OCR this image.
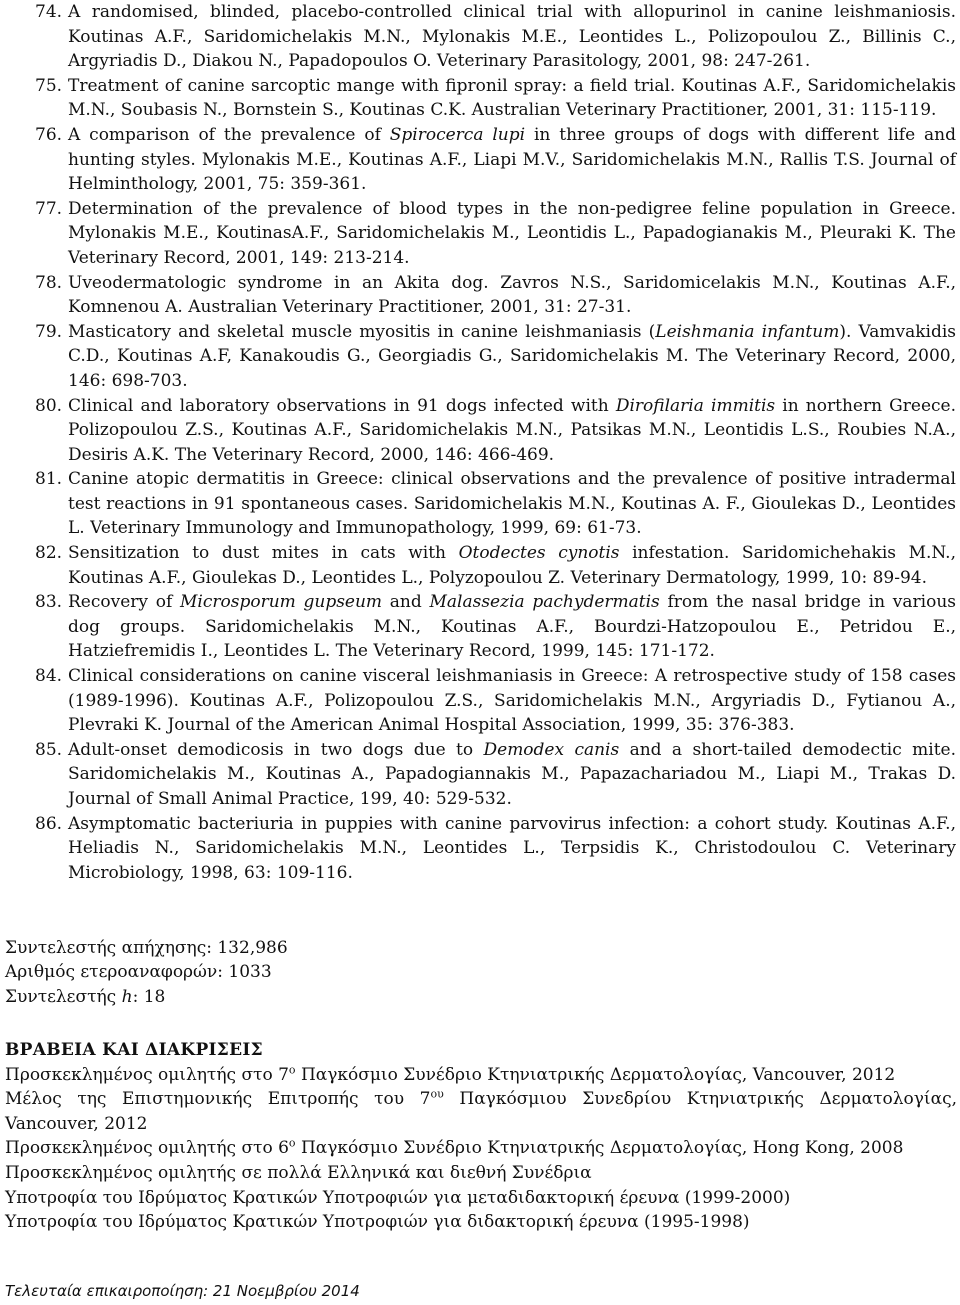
74. A randomised, blinded, placebo-controlled clinical trial with allopurinol in canine leishmaniosis. Koutinas A.F., Saridomichelakis M.N., Mylonakis M.E., Leontides L., Polizopoulou Z., Billinis C., Argyriadis D., Diakou N., Papadopoulos O. Veterinary Parasitology, 2001, 98: 247-261.
75. Treatment of canine sarcoptic mange with fipronil spray: a field trial. Koutinas A.F., Saridomichelakis M.N., Soubasis N., Bornstein S., Koutinas C.K. Australian Veterinary Practitioner, 2001, 31: 115-119.
76. A comparison of the prevalence of Spirocerca lupi in three groups of dogs with different life and hunting styles. Mylonakis M.E., Koutinas A.F., Liapi M.V., Saridomichelakis M.N., Rallis T.S. Journal of Helminthology, 2001, 75: 359-361.
77. Determination of the prevalence of blood types in the non-pedigree feline population in Greece. Mylonakis M.E., KoutinasA.F., Saridomichelakis M., Leontidis L., Papadogianakis M., Pleuraki K. The Veterinary Record, 2001, 149: 213-214.
78. Uveodermatologic syndrome in an Akita dog. Zavros N.S., Saridomicelakis M.N., Koutinas A.F., Komnenou A. Australian Veterinary Practitioner, 2001, 31: 27-31.
79. Masticatory and skeletal muscle myositis in canine leishmaniasis (Leishmania infantum). Vamvakidis C.D., Koutinas A.F, Kanakoudis G., Georgiadis G., Saridomichelakis M. The Veterinary Record, 2000, 146: 698-703.
80. Clinical and laboratory observations in 91 dogs infected with Dirofilaria immitis in northern Greece. Polizopoulou Z.S., Koutinas A.F., Saridomichelakis M.N., Patsikas M.N., Leontidis L.S., Roubies N.A., Desiris A.K. The Veterinary Record, 2000, 146: 466-469.
81. Canine atopic dermatitis in Greece: clinical observations and the prevalence of positive intradermal test reactions in 91 spontaneous cases. Saridomichelakis M.N., Koutinas A. F., Gioulekas D., Leontides L. Veterinary Immunology and Immunopathology, 1999, 69: 61-73.
82. Sensitization to dust mites in cats with Otodectes cynotis infestation. Saridomichehakis M.N., Koutinas A.F., Gioulekas D., Leontides L., Polyzopoulou Z. Veterinary Dermatology, 1999, 10: 89-94.
83. Recovery of Microsporum gupseum and Malassezia pachydermatis from the nasal bridge in various dog groups. Saridomichelakis M.N., Koutinas A.F., Bourdzi-Hatzopoulou E., Petridou E., Hatziefremidis I., Leontides L. The Veterinary Record, 1999, 145: 171-172.
84. Clinical considerations on canine visceral leishmaniasis in Greece: A retrospective study of 158 cases (1989-1996). Koutinas A.F., Polizopoulou Z.S., Saridomichelakis M.N., Argyriadis D., Fytianou A., Plevraki K. Journal of the American Animal Hospital Association, 1999, 35: 376-383.
85. Adult-onset demodicosis in two dogs due to Demodex canis and a short-tailed demodectic mite. Saridomichelakis M., Koutinas A., Papadogiannakis M., Papazachariadou M., Liapi M., Trakas D. Journal of Small Animal Practice, 199, 40: 529-532.
86. Asymptomatic bacteriuria in puppies with canine parvovirus infection: a cohort study. Koutinas A.F., Heliadis N., Saridomichelakis M.N., Leontides L., Terpsidis K., Christodoulou C. Veterinary Microbiology, 1998, 63: 109-116.
Συντελεστής απήχησης: 132,986
Αριθμός ετεροαναφορών: 1033
Συντελεστής h: 18
ΒΡΑΒΕΙΑ ΚΑΙ ΔΙΑΚΡΙΣΕΙΣ
Προσκεκλημένος ομιλητής στο $7^o$ Παγκόσμιο Συνέδριο Κτηνιατρικής Δερματολογίας, Vancouver, 2012
Μέλος της Επιστημονικής Επιτροπής του $7^{o\upsilon}$ Παγκόσμιου Συνεδρίου Κτηνιατρικής Δερματολογίας, Vancouver, 2012
Προσκεκλημένος ομιλητής στο $6^o$ Παγκόσμιο Συνέδριο Κτηνιατρικής Δερματολογίας, Hong Kong, 2008
Προσκεκλημένος ομιλητής σε πολλά Ελληνικά και διεθνή Συνέδρια
Υποτροφία του Ιδρύματος Κρατικών Υποτροφιών για μεταδιδακτορική έρευνα (1999-2000)
Υποτροφία του Ιδρύματος Κρατικών Υποτροφιών για διδακτορική έρευνα (1995-1998)
Τελευταία επικαιροποίηση: 21 Νοεμβρίου 2014
